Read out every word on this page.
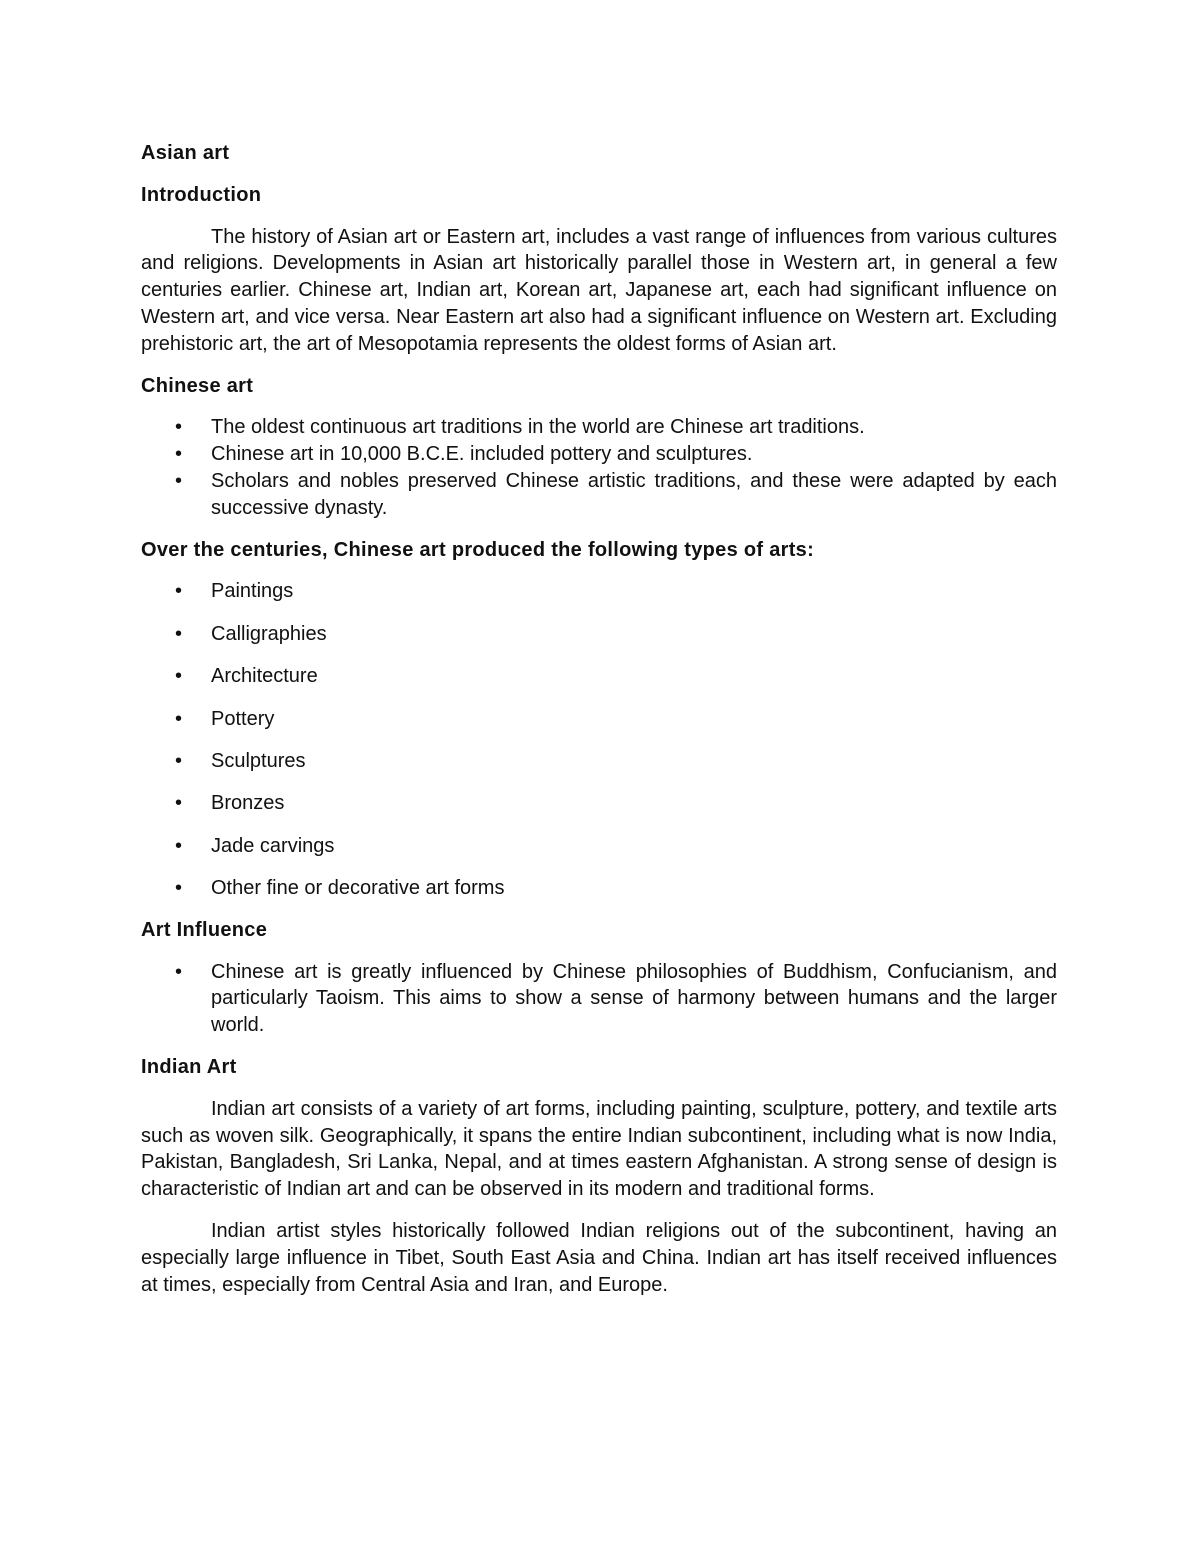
Asian art
Introduction

The history of Asian art or Eastern art, includes a vast range of influences from various cultures and religions. Developments in Asian art historically parallel those in Western art, in general a few centuries earlier. Chinese art, Indian art, Korean art, Japanese art, each had significant influence on Western art, and vice versa. Near Eastern art also had a significant influence on Western art. Excluding prehistoric art, the art of Mesopotamia represents the oldest forms of Asian art.

Chinese art
• The oldest continuous art traditions in the world are Chinese art traditions.
• Chinese art in 10,000 B.C.E. included pottery and sculptures.
• Scholars and nobles preserved Chinese artistic traditions, and these were adapted by each successive dynasty.
Over the centuries, Chinese art produced the following types of arts:
• Paintings
• Calligraphies
• Architecture
• Pottery
• Sculptures
• Bronzes
• Jade carvings
• Other fine or decorative art forms
Art Influence
• Chinese art is greatly influenced by Chinese philosophies of Buddhism, Confucianism, and particularly Taoism. This aims to show a sense of harmony between humans and the larger world.
Indian Art

Indian art consists of a variety of art forms, including painting, sculpture, pottery, and textile arts such as woven silk. Geographically, it spans the entire Indian subcontinent, including what is now India, Pakistan, Bangladesh, Sri Lanka, Nepal, and at times eastern Afghanistan. A strong sense of design is characteristic of Indian art and can be observed in its modern and traditional forms.

Indian artist styles historically followed Indian religions out of the subcontinent, having an especially large influence in Tibet, South East Asia and China. Indian art has itself received influences at times, especially from Central Asia and Iran, and Europe.
